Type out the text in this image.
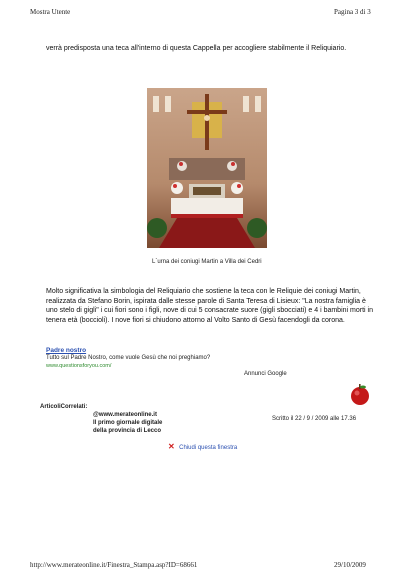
Mostra Utente	Pagina 3 di 3
verrà predisposta una teca all'interno di questa Cappella per accogliere stabilmente il Reliquiario.
L`urna dei coniugi Martin a Villa dei Cedri
Molto significativa la simbologia del Reliquiario che sostiene la teca con le Reliquie dei coniugi Martin, realizzata da Stefano Borin, ispirata dalle stesse parole di Santa Teresa di Lisieux: "La nostra famiglia è uno stelo di gigli" i cui fiori sono i figli, nove di cui 5 consacrate suore (gigli sbocciati) e 4 i bambini morti in tenera età (boccioli). I nove fiori si chiudono attorno al Volto Santo di Gesù facendogli da corona.
Padre nostro
Tutto sul Padre Nostro, come vuole Gesù che noi preghiamo?
www.questionsforyou.com/
Annunci Google
ArticoliCorrelati:
@www.merateonline.it
Il primo giornale digitale
della provincia di Lecco
Scritto il 22 / 9 / 2009 alle 17.36
✕ Chiudi questa finestra
http://www.merateonline.it/Finestra_Stampa.asp?ID=68661	29/10/2009
